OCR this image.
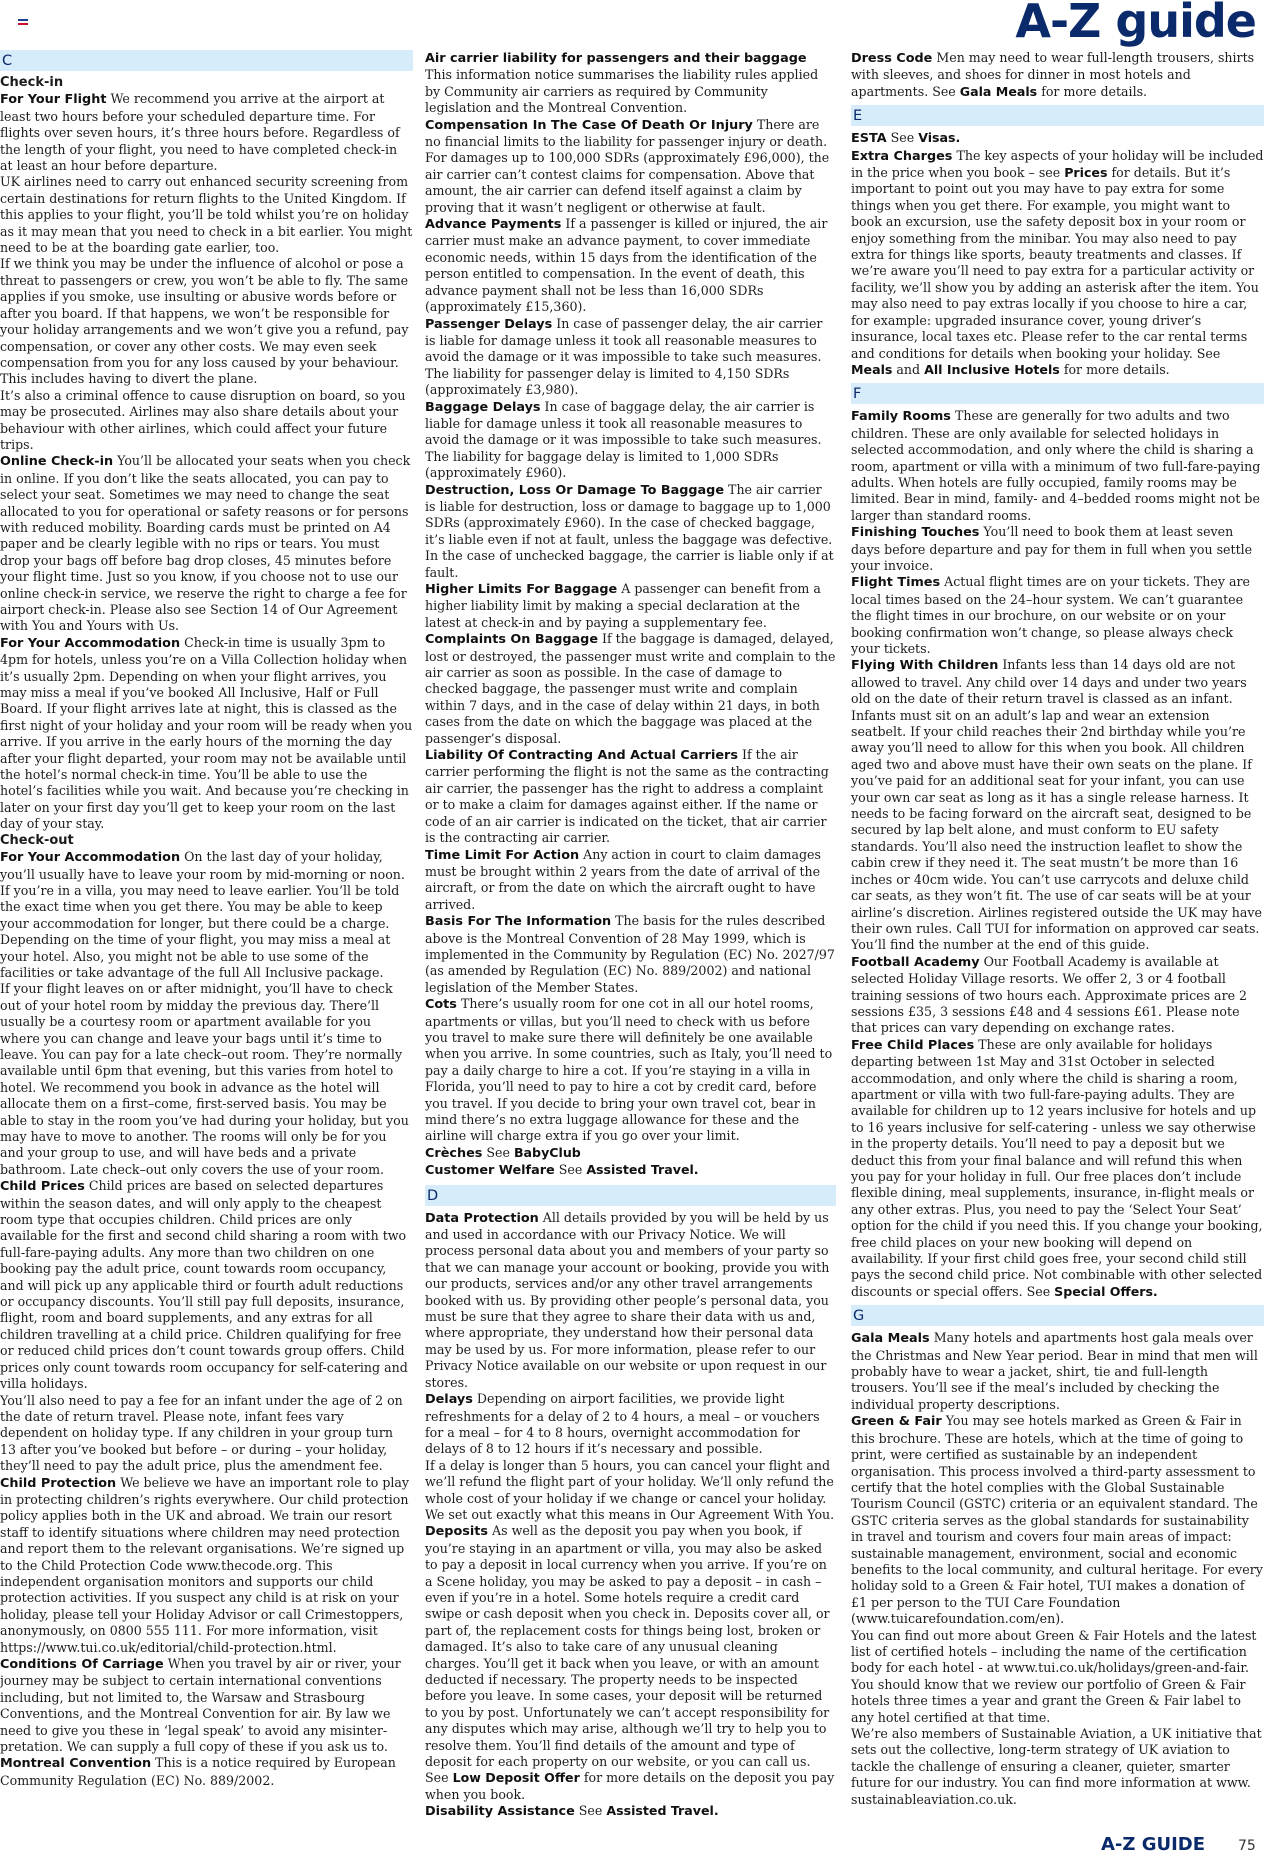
A-Z guide
C
Check-in

For Your Flight We recommend you arrive at the airport at least two hours before your scheduled departure time. For flights over seven hours, it’s three hours before. Regardless of the length of your flight, you need to have completed check-in at least an hour before departure.

UK airlines need to carry out enhanced security screening from certain destinations for return flights to the United Kingdom. If this applies to your flight, you’ll be told whilst you’re on holiday as it may mean that you need to check in a bit earlier. You might need to be at the boarding gate earlier, too.

If we think you may be under the influence of alcohol or pose a threat to passengers or crew, you won’t be able to fly. The same applies if you smoke, use insulting or abusive words before or after you board. If that happens, we won’t be responsible for your holiday arrangements and we won’t give you a refund, pay compensation, or cover any other costs. We may even seek compensation from you for any loss caused by your behaviour. This includes having to divert the plane.

It’s also a criminal offence to cause disruption on board, so you may be prosecuted. Airlines may also share details about your behaviour with other airlines, which could affect your future trips.

Online Check-in You’ll be allocated your seats when you check in online. If you don’t like the seats allocated, you can pay to select your seat. Sometimes we may need to change the seat allocated to you for operational or safety reasons or for persons with reduced mobility. Boarding cards must be printed on A4 paper and be clearly legible with no rips or tears. You must drop your bags off before bag drop closes, 45 minutes before your flight time. Just so you know, if you choose not to use our online check-in service, we reserve the right to charge a fee for airport check-in. Please also see Section 14 of Our Agreement with You and Yours with Us.

For Your Accommodation Check-in time is usually 3pm to 4pm for hotels, unless you’re on a Villa Collection holiday when it’s usually 2pm. Depending on when your flight arrives, you may miss a meal if you’ve booked All Inclusive, Half or Full Board. If your flight arrives late at night, this is classed as the first night of your holiday and your room will be ready when you arrive. If you arrive in the early hours of the morning the day after your flight departed, your room may not be available until the hotel’s normal check-in time. You’ll be able to use the hotel’s facilities while you wait. And because you’re checking in later on your first day you’ll get to keep your room on the last day of your stay.

Check-out

For Your Accommodation On the last day of your holiday, you’ll usually have to leave your room by mid-morning or noon. If you’re in a villa, you may need to leave earlier. You’ll be told the exact time when you get there. You may be able to keep your accommodation for longer, but there could be a charge. Depending on the time of your flight, you may miss a meal at your hotel. Also, you might not be able to use some of the facilities or take advantage of the full All Inclusive package.

If your flight leaves on or after midnight, you’ll have to check out of your hotel room by midday the previous day. There’ll usually be a courtesy room or apartment available for you where you can change and leave your bags until it’s time to leave. You can pay for a late check–out room. They’re normally available until 6pm that evening, but this varies from hotel to hotel. We recommend you book in advance as the hotel will allocate them on a first–come, first-served basis. You may be able to stay in the room you’ve had during your holiday, but you may have to move to another. The rooms will only be for you and your group to use, and will have beds and a private bathroom. Late check–out only covers the use of your room.

Child Prices Child prices are based on selected departures within the season dates, and will only apply to the cheapest room type that occupies children. Child prices are only available for the first and second child sharing a room with two full-fare-paying adults. Any more than two children on one booking pay the adult price, count towards room occupancy, and will pick up any applicable third or fourth adult reductions or occupancy discounts. You’ll still pay full deposits, insurance, flight, room and board supplements, and any extras for all children travelling at a child price. Children qualifying for free or reduced child prices don’t count towards group offers. Child prices only count towards room occupancy for self-catering and villa holidays.

You’ll also need to pay a fee for an infant under the age of 2 on the date of return travel. Please note, infant fees vary dependent on holiday type. If any children in your group turn 13 after you’ve booked but before – or during – your holiday, they’ll need to pay the adult price, plus the amendment fee.

Child Protection We believe we have an important role to play in protecting children’s rights everywhere. Our child protection policy applies both in the UK and abroad. We train our resort staff to identify situations where children may need protection and report them to the relevant organisations. We’re signed up to the Child Protection Code www.thecode.org. This independent organisation monitors and supports our child protection activities. If you suspect any child is at risk on your holiday, please tell your Holiday Advisor or call Crimestoppers, anonymously, on 0800 555 111. For more information, visit https://www.tui.co.uk/editorial/child-protection.html.

Conditions Of Carriage When you travel by air or river, your journey may be subject to certain international conventions including, but not limited to, the Warsaw and Strasbourg Conventions, and the Montreal Convention for air. By law we need to give you these in ‘legal speak’ to avoid any misinter-pretation. We can supply a full copy of these if you ask us to.

Montreal Convention This is a notice required by European Community Regulation (EC) No. 889/2002.

Air carrier liability for passengers and their baggage This information notice summarises the liability rules applied by Community air carriers as required by Community legislation and the Montreal Convention.

Compensation In The Case Of Death Or Injury There are no financial limits to the liability for passenger injury or death. For damages up to 100,000 SDRs (approximately £96,000), the air carrier can’t contest claims for compensation. Above that amount, the air carrier can defend itself against a claim by proving that it wasn’t negligent or otherwise at fault.

Advance Payments If a passenger is killed or injured, the air carrier must make an advance payment, to cover immediate economic needs, within 15 days from the identification of the person entitled to compensation. In the event of death, this advance payment shall not be less than 16,000 SDRs (approximately £15,360).

Passenger Delays In case of passenger delay, the air carrier is liable for damage unless it took all reasonable measures to avoid the damage or it was impossible to take such measures. The liability for passenger delay is limited to 4,150 SDRs (approximately £3,980).

Baggage Delays In case of baggage delay, the air carrier is liable for damage unless it took all reasonable measures to avoid the damage or it was impossible to take such measures. The liability for baggage delay is limited to 1,000 SDRs (approximately £960).

Destruction, Loss Or Damage To Baggage The air carrier is liable for destruction, loss or damage to baggage up to 1,000 SDRs (approximately £960). In the case of checked baggage, it’s liable even if not at fault, unless the baggage was defective. In the case of unchecked baggage, the carrier is liable only if at fault.

Higher Limits For Baggage A passenger can benefit from a higher liability limit by making a special declaration at the latest at check-in and by paying a supplementary fee.

Complaints On Baggage If the baggage is damaged, delayed, lost or destroyed, the passenger must write and complain to the air carrier as soon as possible. In the case of damage to checked baggage, the passenger must write and complain within 7 days, and in the case of delay within 21 days, in both cases from the date on which the baggage was placed at the passenger’s disposal.

Liability Of Contracting And Actual Carriers If the air carrier performing the flight is not the same as the contracting air carrier, the passenger has the right to address a complaint or to make a claim for damages against either. If the name or code of an air carrier is indicated on the ticket, that air carrier is the contracting air carrier.

Time Limit For Action Any action in court to claim damages must be brought within 2 years from the date of arrival of the aircraft, or from the date on which the aircraft ought to have arrived.

Basis For The Information The basis for the rules described above is the Montreal Convention of 28 May 1999, which is implemented in the Community by Regulation (EC) No. 2027/97 (as amended by Regulation (EC) No. 889/2002) and national legislation of the Member States.

Cots There’s usually room for one cot in all our hotel rooms, apartments or villas, but you’ll need to check with us before you travel to make sure there will definitely be one available when you arrive. In some countries, such as Italy, you’ll need to pay a daily charge to hire a cot. If you’re staying in a villa in Florida, you’ll need to pay to hire a cot by credit card, before you travel. If you decide to bring your own travel cot, bear in mind there’s no extra luggage allowance for these and the airline will charge extra if you go over your limit.

Crèches See BabyClub

Customer Welfare See Assisted Travel.

D

Data Protection All details provided by you will be held by us and used in accordance with our Privacy Notice. We will process personal data about you and members of your party so that we can manage your account or booking, provide you with our products, services and/or any other travel arrangements booked with us. By providing other people’s personal data, you must be sure that they agree to share their data with us and, where appropriate, they understand how their personal data may be used by us. For more information, please refer to our Privacy Notice available on our website or upon request in our stores.

Delays Depending on airport facilities, we provide light refreshments for a delay of 2 to 4 hours, a meal – or vouchers for a meal – for 4 to 8 hours, overnight accommodation for delays of 8 to 12 hours if it’s necessary and possible.

If a delay is longer than 5 hours, you can cancel your flight and we’ll refund the flight part of your holiday. We’ll only refund the whole cost of your holiday if we change or cancel your holiday. We set out exactly what this means in Our Agreement With You.

Deposits As well as the deposit you pay when you book, if you’re staying in an apartment or villa, you may also be asked to pay a deposit in local currency when you arrive. If you’re on a Scene holiday, you may be asked to pay a deposit – in cash – even if you’re in a hotel. Some hotels require a credit card swipe or cash deposit when you check in. Deposits cover all, or part of, the replacement costs for things being lost, broken or damaged. It’s also to take care of any unusual cleaning charges. You’ll get it back when you leave, or with an amount deducted if necessary. The property needs to be inspected before you leave. In some cases, your deposit will be returned to you by post. Unfortunately we can’t accept responsibility for any disputes which may arise, although we’ll try to help you to resolve them. You’ll find details of the amount and type of deposit for each property on our website, or you can call us. See Low Deposit Offer for more details on the deposit you pay when you book.

Disability Assistance See Assisted Travel.

Dress Code Men may need to wear full-length trousers, shirts with sleeves, and shoes for dinner in most hotels and apartments. See Gala Meals for more details.

E

ESTA See Visas.

Extra Charges The key aspects of your holiday will be included in the price when you book – see Prices for details. But it’s important to point out you may have to pay extra for some things when you get there. For example, you might want to book an excursion, use the safety deposit box in your room or enjoy something from the minibar. You may also need to pay extra for things like sports, beauty treatments and classes. If we’re aware you’ll need to pay extra for a particular activity or facility, we’ll show you by adding an asterisk after the item. You may also need to pay extras locally if you choose to hire a car, for example: upgraded insurance cover, young driver’s insurance, local taxes etc. Please refer to the car rental terms and conditions for details when booking your holiday. See Meals and All Inclusive Hotels for more details.

F

Family Rooms These are generally for two adults and two children. These are only available for selected holidays in selected accommodation, and only where the child is sharing a room, apartment or villa with a minimum of two full-fare-paying adults. When hotels are fully occupied, family rooms may be limited. Bear in mind, family- and 4–bedded rooms might not be larger than standard rooms.

Finishing Touches You’ll need to book them at least seven days before departure and pay for them in full when you settle your invoice.

Flight Times Actual flight times are on your tickets. They are local times based on the 24–hour system. We can’t guarantee the flight times in our brochure, on our website or on your booking confirmation won’t change, so please always check your tickets.

Flying With Children Infants less than 14 days old are not allowed to travel. Any child over 14 days and under two years old on the date of their return travel is classed as an infant. Infants must sit on an adult’s lap and wear an extension seatbelt. If your child reaches their 2nd birthday while you’re away you’ll need to allow for this when you book. All children aged two and above must have their own seats on the plane. If you’ve paid for an additional seat for your infant, you can use your own car seat as long as it has a single release harness. It needs to be facing forward on the aircraft seat, designed to be secured by lap belt alone, and must conform to EU safety standards. You’ll also need the instruction leaflet to show the cabin crew if they need it. The seat mustn’t be more than 16 inches or 40cm wide. You can’t use carrycots and deluxe child car seats, as they won’t fit. The use of car seats will be at your airline’s discretion. Airlines registered outside the UK may have their own rules. Call TUI for information on approved car seats. You’ll find the number at the end of this guide.

Football Academy Our Football Academy is available at selected Holiday Village resorts. We offer 2, 3 or 4 football training sessions of two hours each. Approximate prices are 2 sessions £35, 3 sessions £48 and 4 sessions £61. Please note that prices can vary depending on exchange rates.

Free Child Places These are only available for holidays departing between 1st May and 31st October in selected accommodation, and only where the child is sharing a room, apartment or villa with two full-fare-paying adults. They are available for children up to 12 years inclusive for hotels and up to 16 years inclusive for self-catering - unless we say otherwise in the property details. You’ll need to pay a deposit but we deduct this from your final balance and will refund this when you pay for your holiday in full. Our free places don’t include flexible dining, meal supplements, insurance, in-flight meals or any other extras. Plus, you need to pay the ‘Select Your Seat’ option for the child if you need this. If you change your booking, free child places on your new booking will depend on availability. If your first child goes free, your second child still pays the second child price. Not combinable with other selected discounts or special offers. See Special Offers.

G

Gala Meals Many hotels and apartments host gala meals over the Christmas and New Year period. Bear in mind that men will probably have to wear a jacket, shirt, tie and full-length trousers. You’ll see if the meal’s included by checking the individual property descriptions.

Green & Fair You may see hotels marked as Green & Fair in this brochure. These are hotels, which at the time of going to print, were certified as sustainable by an independent organisation. This process involved a third-party assessment to certify that the hotel complies with the Global Sustainable Tourism Council (GSTC) criteria or an equivalent standard. The GSTC criteria serves as the global standards for sustainability in travel and tourism and covers four main areas of impact: sustainable management, environment, social and economic benefits to the local community, and cultural heritage. For every holiday sold to a Green & Fair hotel, TUI makes a donation of £1 per person to the TUI Care Foundation (www.tuicarefoundation.com/en).

You can find out more about Green & Fair Hotels and the latest list of certified hotels – including the name of the certification body for each hotel - at www.tui.co.uk/holidays/green-and-fair. You should know that we review our portfolio of Green & Fair hotels three times a year and grant the Green & Fair label to any hotel certified at that time.

We’re also members of Sustainable Aviation, a UK initiative that sets out the collective, long-term strategy of UK aviation to tackle the challenge of ensuring a cleaner, quieter, smarter future for our industry. You can find more information at www. sustainableaviation.co.uk.

A-Z GUIDE 75
